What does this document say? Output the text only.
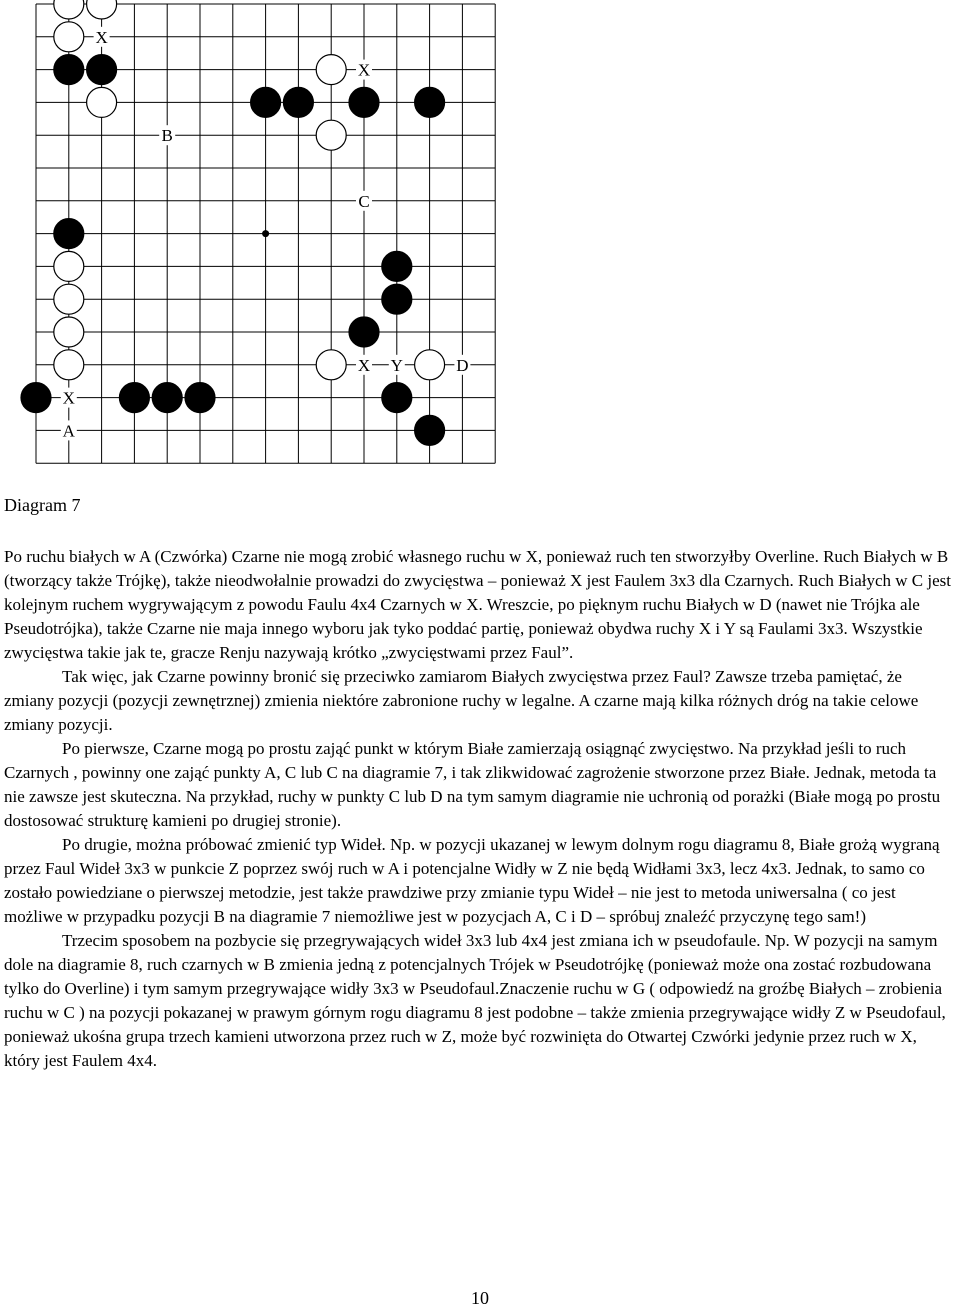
X
B
X
C
X Y	D
X
A
Diagram 7

Po ruchu białych w A (Czwórka) Czarne nie mogą zrobić własnego ruchu w X, ponieważ ruch ten stworzyłby Overline. Ruch Białych w B (tworzący także Trójkę), także nieodwołalnie prowadzi do zwycięstwa – ponieważ X jest Faulem 3x3 dla Czarnych. Ruch Białych w C jest kolejnym ruchem wygrywającym z powodu Faulu 4x4 Czarnych w X. Wreszcie, po pięknym ruchu Białych w D (nawet nie Trójka ale Pseudotrójka), także Czarne nie maja innego wyboru jak tyko poddać partię, ponieważ obydwa ruchy X i Y są Faulami 3x3. Wszystkie zwycięstwa takie jak te, gracze Renju nazywają krótko „zwycięstwami przez Faul”.

Tak więc, jak Czarne powinny bronić się przeciwko zamiarom Białych zwycięstwa przez Faul? Zawsze trzeba pamiętać, że zmiany pozycji (pozycji zewnętrznej) zmienia niektóre zabronione ruchy w legalne. A czarne mają kilka różnych dróg na takie celowe zmiany pozycji.

Po pierwsze, Czarne mogą po prostu zająć punkt w którym Białe zamierzają osiągnąć zwycięstwo. Na przykład jeśli to ruch Czarnych , powinny one zająć punkty A, C lub C na diagramie 7, i tak zlikwidować zagrożenie stworzone przez Białe. Jednak, metoda ta nie zawsze jest skuteczna. Na przykład, ruchy w punkty C lub D na tym samym diagramie nie uchronią od porażki (Białe mogą po prostu dostosować strukturę kamieni po drugiej stronie).

Po drugie, można próbować zmienić typ Wideł. Np. w pozycji ukazanej w lewym dolnym rogu diagramu 8, Białe grożą wygraną przez Faul Wideł 3x3 w punkcie Z poprzez swój ruch w A i potencjalne Widły w Z nie będą Widłami 3x3, lecz 4x3. Jednak, to samo co zostało powiedziane o pierwszej metodzie, jest także prawdziwe przy zmianie typu Wideł – nie jest to metoda uniwersalna ( co jest możliwe w przypadku pozycji B na diagramie 7 niemożliwe jest w pozycjach A, C i D – spróbuj znaleźć przyczynę tego sam!)

Trzecim sposobem na pozbycie się przegrywających wideł 3x3 lub 4x4 jest zmiana ich w pseudofaule. Np. W pozycji na samym dole na diagramie 8, ruch czarnych w B zmienia jedną z potencjalnych Trójek w Pseudotrójkę (ponieważ może ona zostać rozbudowana tylko do Overline) i tym samym przegrywające widły 3x3 w Pseudofaul.Znaczenie ruchu w G ( odpowiedź na groźbę Białych – zrobienia ruchu w C ) na pozycji pokazanej w prawym górnym rogu diagramu 8 jest podobne – także zmienia przegrywające widły Z w Pseudofaul, ponieważ ukośna grupa trzech kamieni utworzona przez ruch w Z, może być rozwinięta do Otwartej Czwórki jedynie przez ruch w X, który jest Faulem 4x4.

10
